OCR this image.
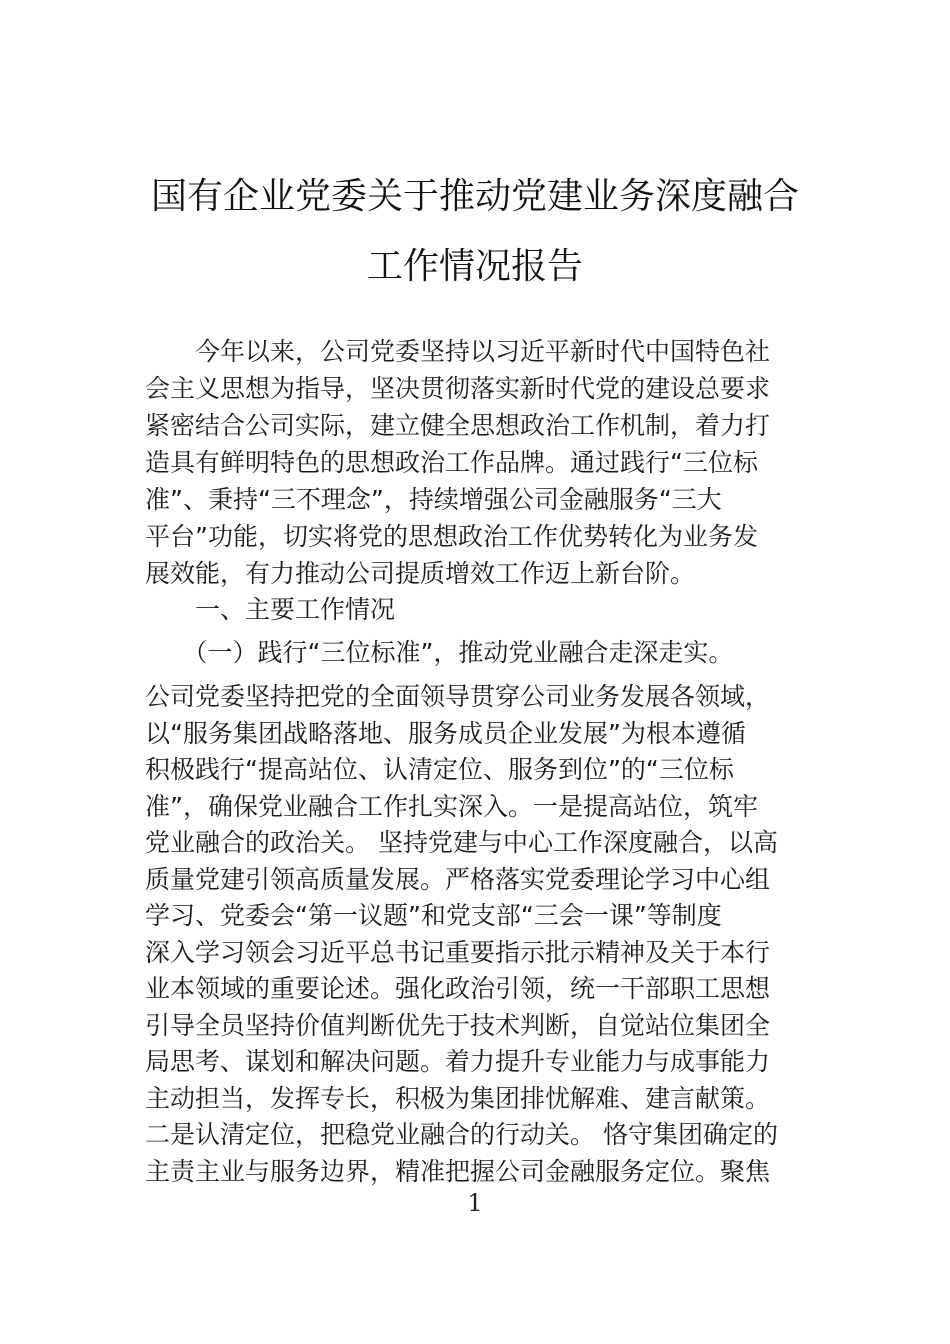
国有企业党委关于推动党建业务深度融合
工作情况报告
　　今年以来，公司党委坚持以习近平新时代中国特色社
会主义思想为指导，坚决贯彻落实新时代党的建设总要求
紧密结合公司实际，建立健全思想政治工作机制，着力打
造具有鲜明特色的思想政治工作品牌。通过践行“三位标
准”、秉持“三不理念”，持续增强公司金融服务“三大
平台”功能，切实将党的思想政治工作优势转化为业务发
展效能，有力推动公司提质增效工作迈上新台阶。
　　一、主要工作情况
　　（一）践行“三位标准”，推动党业融合走深走实。
公司党委坚持把党的全面领导贯穿公司业务发展各领域，
以“服务集团战略落地、服务成员企业发展”为根本遵循
积极践行“提高站位、认清定位、服务到位”的“三位标
准”，确保党业融合工作扎实深入。一是提高站位，筑牢
党业融合的政治关。 坚持党建与中心工作深度融合，以高
质量党建引领高质量发展。严格落实党委理论学习中心组
学习、党委会“第一议题”和党支部“三会一课”等制度
深入学习领会习近平总书记重要指示批示精神及关于本行
业本领域的重要论述。强化政治引领，统一干部职工思想
引导全员坚持价值判断优先于技术判断，自觉站位集团全
局思考、谋划和解决问题。着力提升专业能力与成事能力
主动担当，发挥专长，积极为集团排忧解难、建言献策。
二是认清定位，把稳党业融合的行动关。 恪守集团确定的
主责主业与服务边界，精准把握公司金融服务定位。聚焦
1
